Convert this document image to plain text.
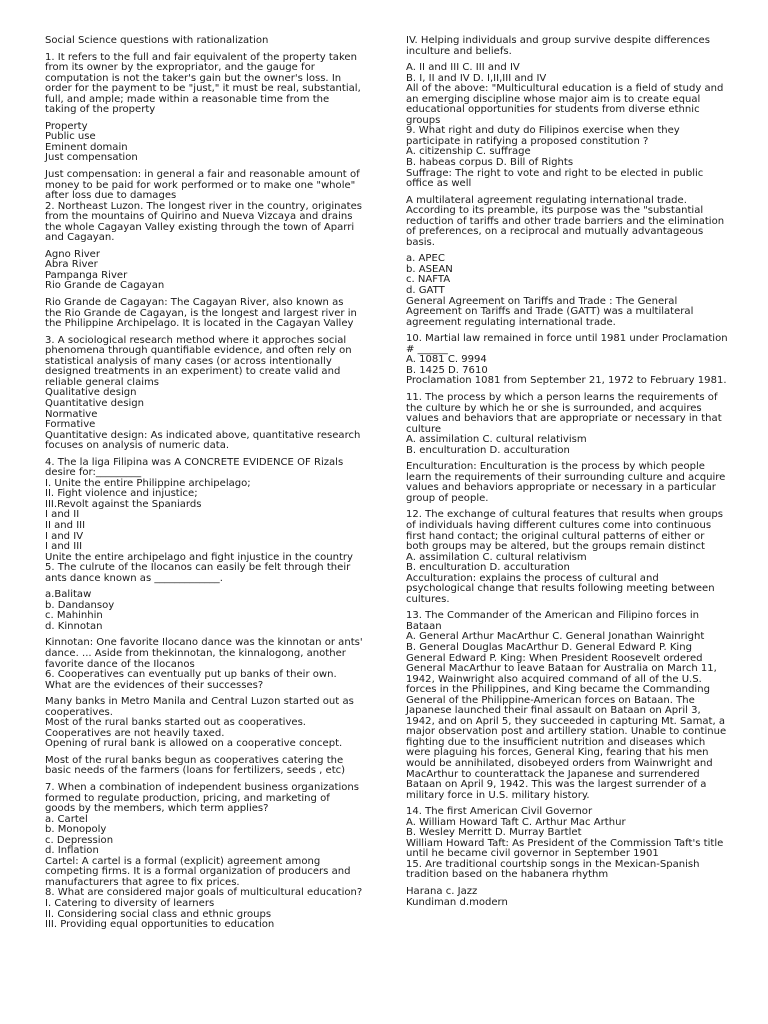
Social Science questions with rationalization

1. It refers to the full and fair equivalent of the property taken from its owner by the expropriator, and the gauge for computation is not the taker's gain but the owner's loss. In order for the payment to be "just," it must be real, substantial, full, and ample; made within a reasonable time from the taking of the property

Property

Public use

Eminent domain

Just compensation

Just compensation: in general a fair and reasonable amount of money to be paid for work performed or to make one "whole" after loss due to damages

2. Northeast Luzon. The longest river in the country, originates from the mountains of Quirino and Nueva Vizcaya and drains the whole Cagayan Valley existing through the town of Aparri and Cagayan.

Agno River

Abra River

Pampanga River

Rio Grande de Cagayan

Rio Grande de Cagayan: The Cagayan River, also known as the Rio Grande de Cagayan, is the longest and largest river in the Philippine Archipelago. It is located in the Cagayan Valley

3. A sociological research method where it approches social phenomena through quantifiable evidence, and often rely on statistical analysis of many cases (or across intentionally designed treatments in an experiment) to create valid and reliable general claims

Qualitative design

Quantitative design

Normative

Formative

Quantitative design: As indicated above, quantitative research focuses on analysis of numeric data.

4. The la liga Filipina was A CONCRETE EVIDENCE OF Rizals desire for:_________

I. Unite the entire Philippine archipelago;

II. Fight violence and injustice;

III.Revolt against the Spaniards

I and II

II and III

I and IV

I and III

Unite the entire archipelago and fight injustice in the country

5. The culrute of the Ilocanos can easily be felt through their ants dance known as _____________.

a.Balitaw

b. Dandansoy

c. Mahinhin

d. Kinnotan

Kinnotan: One favorite Ilocano dance was the kinnotan or ants' dance. ... Aside from thekinnotan, the kinnalogong, another favorite dance of the Ilocanos

6. Cooperatives can eventually put up banks of their own. What are the evidences of their successes?

Many banks in Metro Manila and Central Luzon started out as cooperatives.

Most of the rural banks started out as cooperatives.

Cooperatives are not heavily taxed.

Opening of rural bank is allowed on a cooperative concept.

Most of the rural banks begun as cooperatives catering the basic needs of the farmers (loans for fertilizers, seeds , etc)

7. When a combination of independent business organizations formed to regulate production, pricing, and marketing of goods by the members, which term applies?

a. Cartel

b. Monopoly

c. Depression

d. Inflation

Cartel: A cartel is a formal (explicit) agreement among competing firms. It is a formal organization of producers and manufacturers that agree to fix prices.

8. What are considered major goals of multicultural education?

I. Catering to diversity of learners

II. Considering social class and ethnic groups

III. Providing equal opportunities to education

IV. Helping individuals and group survive despite differences inculture and beliefs.

A. II and III C. III and IV

B. I, II and IV D. I,II,III and IV

All of the above: "Multicultural education is a field of study and an emerging discipline whose major aim is to create equal educational opportunities for students from diverse ethnic groups

9. What right and duty do Filipinos exercise when they participate in ratifying a proposed constitution ?

A. citizenship C. suffrage

B. habeas corpus D. Bill of Rights

Suffrage: The right to vote and right to be elected in public office as well

A multilateral agreement regulating international trade. According to its preamble, its purpose was the "substantial reduction of tariffs and other trade barriers and the elimination of preferences, on a reciprocal and mutually advantageous basis.

a. APEC

b. ASEAN

c. NAFTA

d. GATT

General Agreement on Tariffs and Trade : The General Agreement on Tariffs and Trade (GATT) was a multilateral agreement regulating international trade.

10. Martial law remained in force until 1981 under Proclamation # ______

A. 1081 C. 9994

B. 1425 D. 7610

Proclamation 1081 from September 21, 1972 to February 1981.

11. The process by which a person learns the requirements of the culture by which he or she is surrounded, and acquires values and behaviors that are appropriate or necessary in that culture

A. assimilation C. cultural relativism

B. enculturation D. acculturation

Enculturation: Enculturation is the process by which people learn the requirements of their surrounding culture and acquire values and behaviors appropriate or necessary in a particular group of people.

12. The exchange of cultural features that results when groups of individuals having different cultures come into continuous first hand contact; the original cultural patterns of either or both groups may be altered, but the groups remain distinct

A. assimilation C. cultural relativism

B. enculturation D. acculturation

Acculturation: explains the process of cultural and psychological change that results following meeting between cultures.

13. The Commander of the American and Filipino forces in Bataan

A. General Arthur MacArthur C. General Jonathan Wainright

B. General Douglas MacArthur D. General Edward P. King

General Edward P. King: When President Roosevelt ordered General MacArthur to leave Bataan for Australia on March 11, 1942, Wainwright also acquired command of all of the U.S. forces in the Philippines, and King became the Commanding General of the Philippine-American forces on Bataan. The Japanese launched their final assault on Bataan on April 3, 1942, and on April 5, they succeeded in capturing Mt. Samat, a major observation post and artillery station. Unable to continue fighting due to the insufficient nutrition and diseases which were plaguing his forces, General King, fearing that his men would be annihilated, disobeyed orders from Wainwright and MacArthur to counterattack the Japanese and surrendered Bataan on April 9, 1942. This was the largest surrender of a military force in U.S. military history.

14. The first American Civil Governor

A. William Howard Taft C. Arthur Mac Arthur

B. Wesley Merritt D. Murray Bartlet

William Howard Taft: As President of the Commission Taft's title until he became civil governor in September 1901

15. Are traditional courtship songs in the Mexican-Spanish tradition based on the habanera rhythm

Harana c. Jazz

Kundiman d.modern
